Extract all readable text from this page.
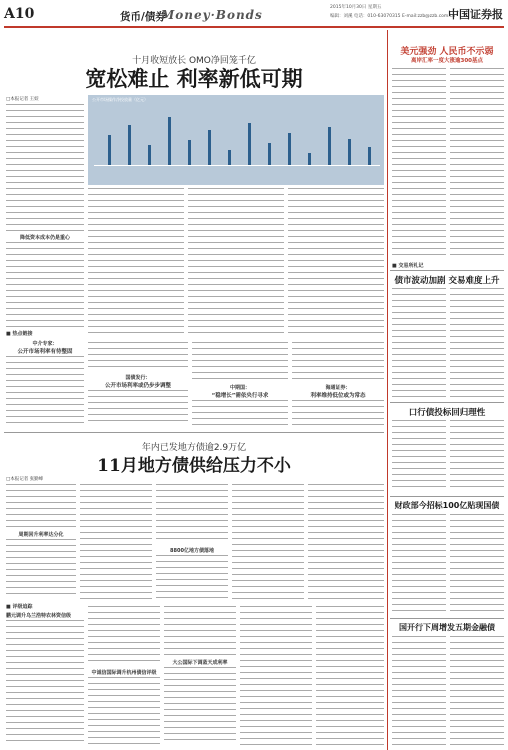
A10	货币/债券
Money·Bonds
2015年10月30日 星期五
编辑：刘溪 电话：010-63070315 E-mail:zzb@zzb.com.cn
中国证券报
十月收短放长 OMO净回笼千亿
宽松难止 利率新低可期
□本报记者 王姣	公开市场操作净投放量（亿元）
降低资本成本仍是重心
■ 热点链接
中介专家：
公开市场利率有待整固
国债发行：
公开市场利率或仍步步调整	中期国：
“稳增长”需依央行寻求
海通证券：
利率维持低位或为常态
美元强劲 人民币不示弱
离岸汇率一度大涨逾300基点
■ 交易所札记
债市波动加剧 交易难度上升
口行债投标回归理性
年内已发地方债逾2.9万亿
11月地方债供给压力不小
□本报记者 张勤峰
周期回升利率达分化
8800亿地方债落地
■ 评级追踪
鹏元调升乌兰浩特农林资信级
中诚信国际调升杭州债信评级
大公国际下调蓝天成利率
财政部今招标100亿贴现国债
国开行下周增发五期金融债
